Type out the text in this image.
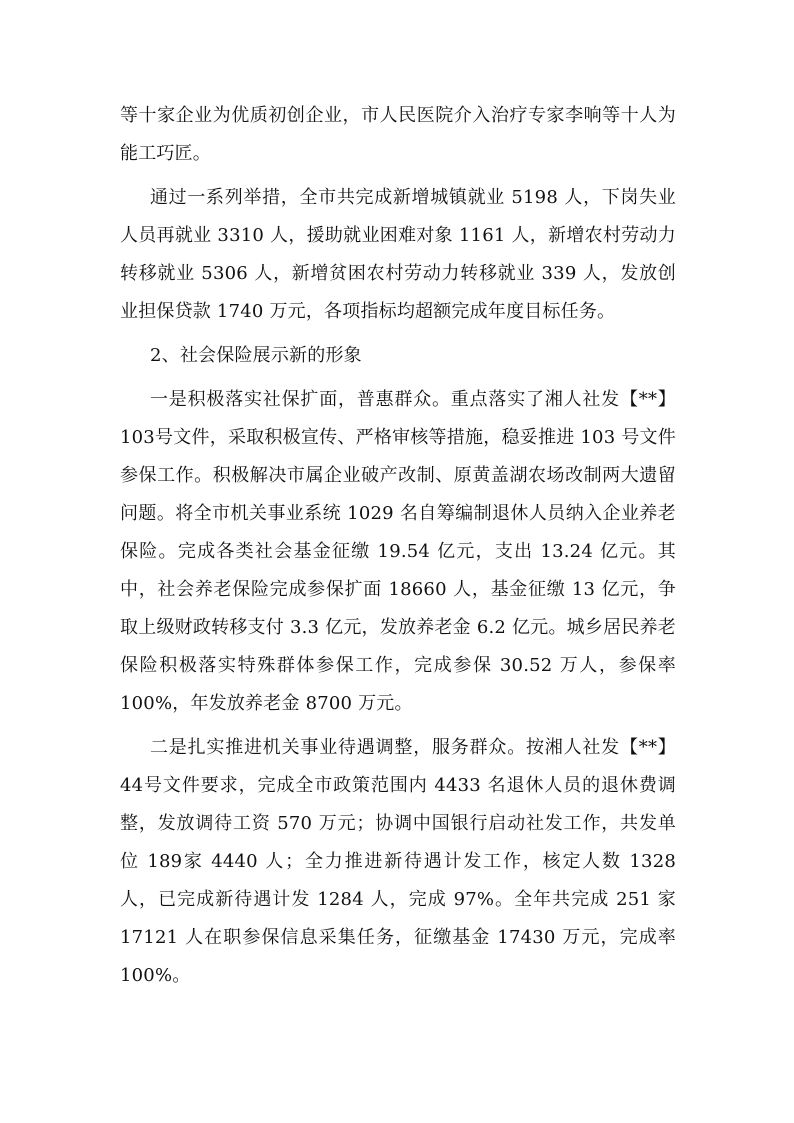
等十家企业为优质初创企业，市人民医院介入治疗专家李响等十人为能工巧匠。

通过一系列举措，全市共完成新增城镇就业 5198 人，下岗失业人员再就业 3310 人，援助就业困难对象 1161 人，新增农村劳动力转移就业 5306 人，新增贫困农村劳动力转移就业 339 人，发放创业担保贷款 1740 万元，各项指标均超额完成年度目标任务。

2、社会保险展示新的形象

一是积极落实社保扩面，普惠群众。重点落实了湘人社发【**】103号文件，采取积极宣传、严格审核等措施，稳妥推进 103 号文件参保工作。积极解决市属企业破产改制、原黄盖湖农场改制两大遗留问题。将全市机关事业系统 1029 名自筹编制退休人员纳入企业养老保险。完成各类社会基金征缴 19.54 亿元，支出 13.24 亿元。其中，社会养老保险完成参保扩面 18660 人，基金征缴 13 亿元，争取上级财政转移支付 3.3 亿元，发放养老金 6.2 亿元。城乡居民养老保险积极落实特殊群体参保工作，完成参保 30.52 万人，参保率 100%，年发放养老金 8700 万元。

二是扎实推进机关事业待遇调整，服务群众。按湘人社发【**】44号文件要求，完成全市政策范围内 4433 名退休人员的退休费调整，发放调待工资 570 万元；协调中国银行启动社发工作，共发单位 189家 4440 人；全力推进新待遇计发工作，核定人数 1328 人，已完成新待遇计发 1284 人，完成 97%。全年共完成 251 家 17121 人在职参保信息采集任务，征缴基金 17430 万元，完成率 100%。
